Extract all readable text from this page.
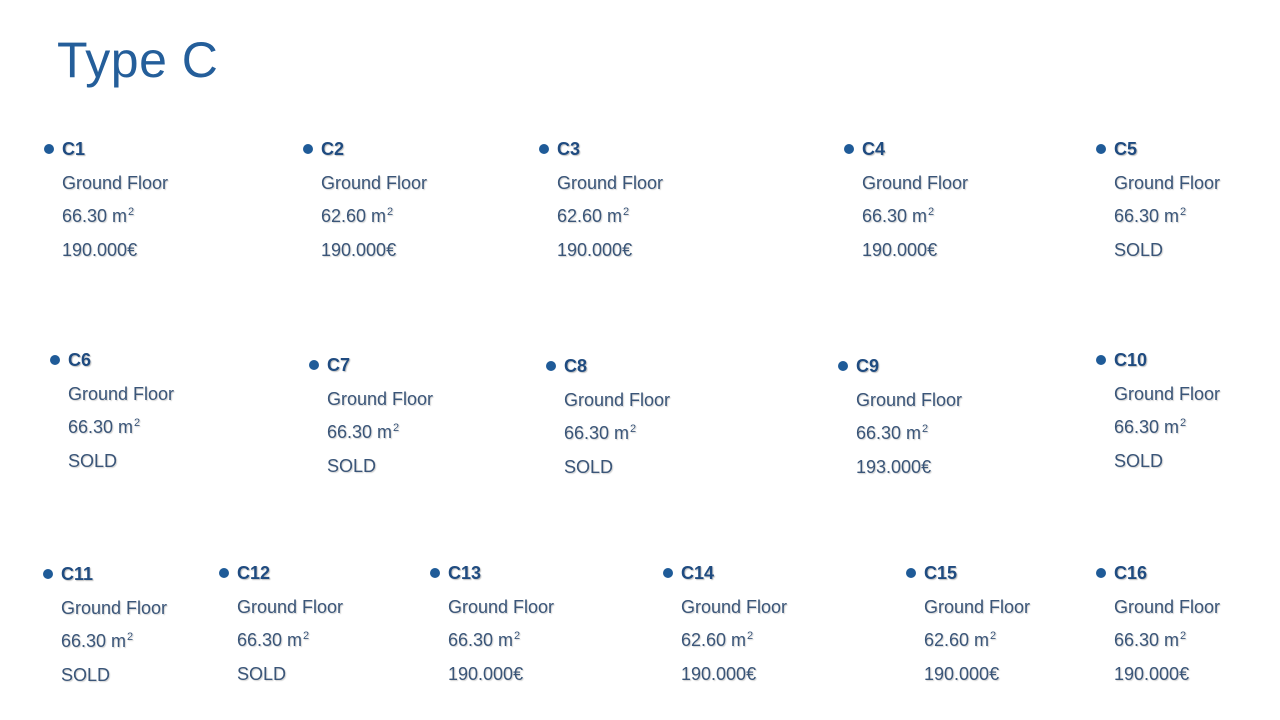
Type C
C1
Ground Floor
66.30 $m^2$
190.000€
C2
Ground Floor
62.60 $m^2$
190.000€
C3
Ground Floor
62.60 $m^2$
190.000€
C4
Ground Floor
66.30 $m^2$
190.000€
C5
Ground Floor
66.30 $m^2$
SOLD
C6
Ground Floor
66.30 $m^2$
SOLD
C7
Ground Floor
66.30 $m^2$
SOLD
C8
Ground Floor
66.30 $m^2$
SOLD
C9
Ground Floor
66.30 $m^2$
193.000€
C10
Ground Floor
66.30 $m^2$
SOLD
C11
Ground Floor
66.30 $m^2$
SOLD
C12
Ground Floor
66.30 $m^2$
SOLD
C13
Ground Floor
66.30 $m^2$
190.000€
C14
Ground Floor
62.60 $m^2$
190.000€
C15
Ground Floor
62.60 $m^2$
190.000€
C16
Ground Floor
66.30 $m^2$
190.000€
